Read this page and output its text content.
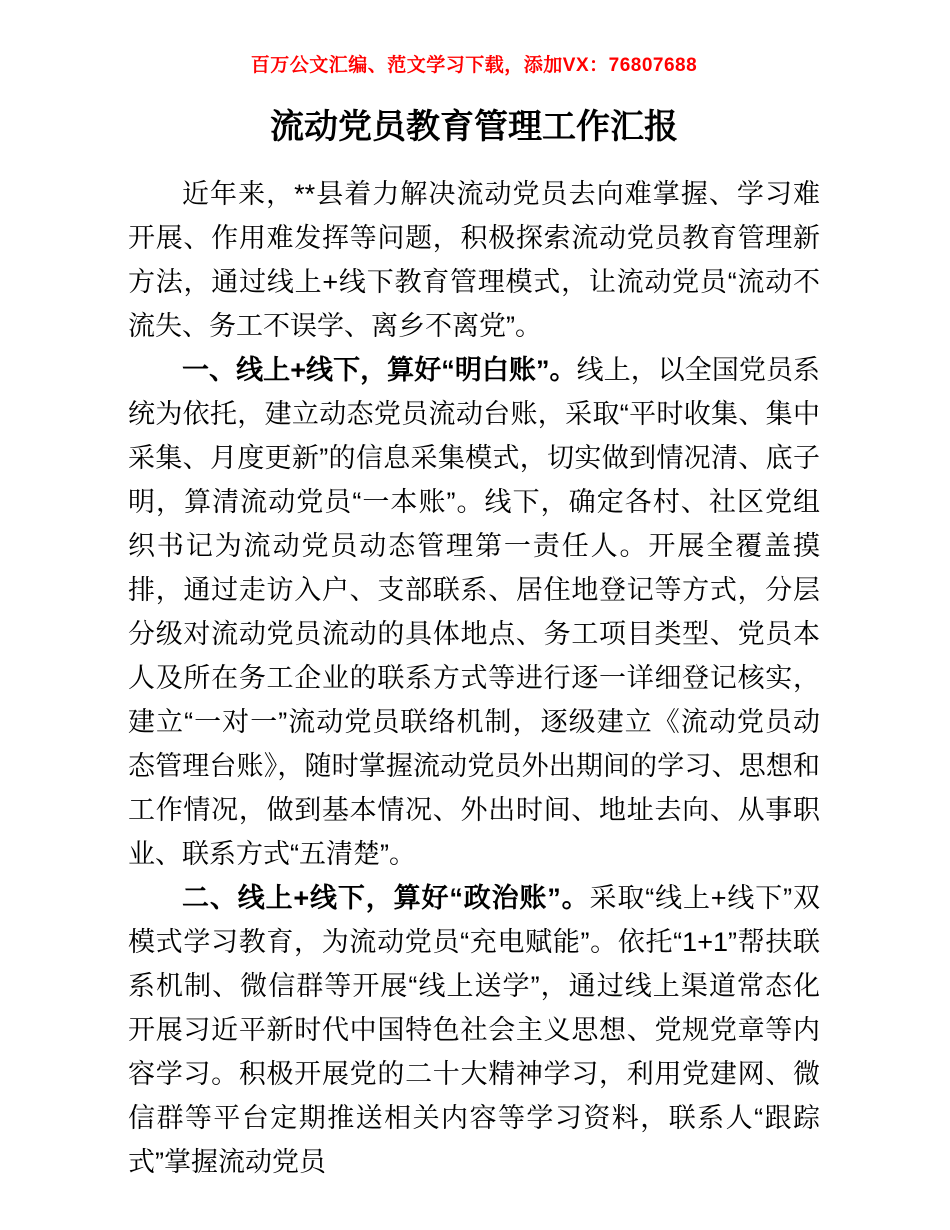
百万公文汇编、范文学习下载，添加VX：76807688
流动党员教育管理工作汇报

近年来，**县着力解决流动党员去向难掌握、学习难开展、作用难发挥等问题，积极探索流动党员教育管理新方法，通过线上+线下教育管理模式，让流动党员“流动不流失、务工不误学、离乡不离党”。

一、线上+线下，算好“明白账”。线上，以全国党员系统为依托，建立动态党员流动台账，采取“平时收集、集中采集、月度更新”的信息采集模式，切实做到情况清、底子明，算清流动党员“一本账”。线下，确定各村、社区党组织书记为流动党员动态管理第一责任人。开展全覆盖摸排，通过走访入户、支部联系、居住地登记等方式，分层分级对流动党员流动的具体地点、务工项目类型、党员本人及所在务工企业的联系方式等进行逐一详细登记核实，建立“一对一”流动党员联络机制，逐级建立《流动党员动态管理台账》，随时掌握流动党员外出期间的学习、思想和工作情况，做到基本情况、外出时间、地址去向、从事职业、联系方式“五清楚”。

二、线上+线下，算好“政治账”。采取“线上+线下”双模式学习教育，为流动党员“充电赋能”。依托“1+1”帮扶联系机制、微信群等开展“线上送学”，通过线上渠道常态化开展习近平新时代中国特色社会主义思想、党规党章等内容学习。积极开展党的二十大精神学习，利用党建网、微信群等平台定期推送相关内容等学习资料，联系人“跟踪式”掌握流动党员
